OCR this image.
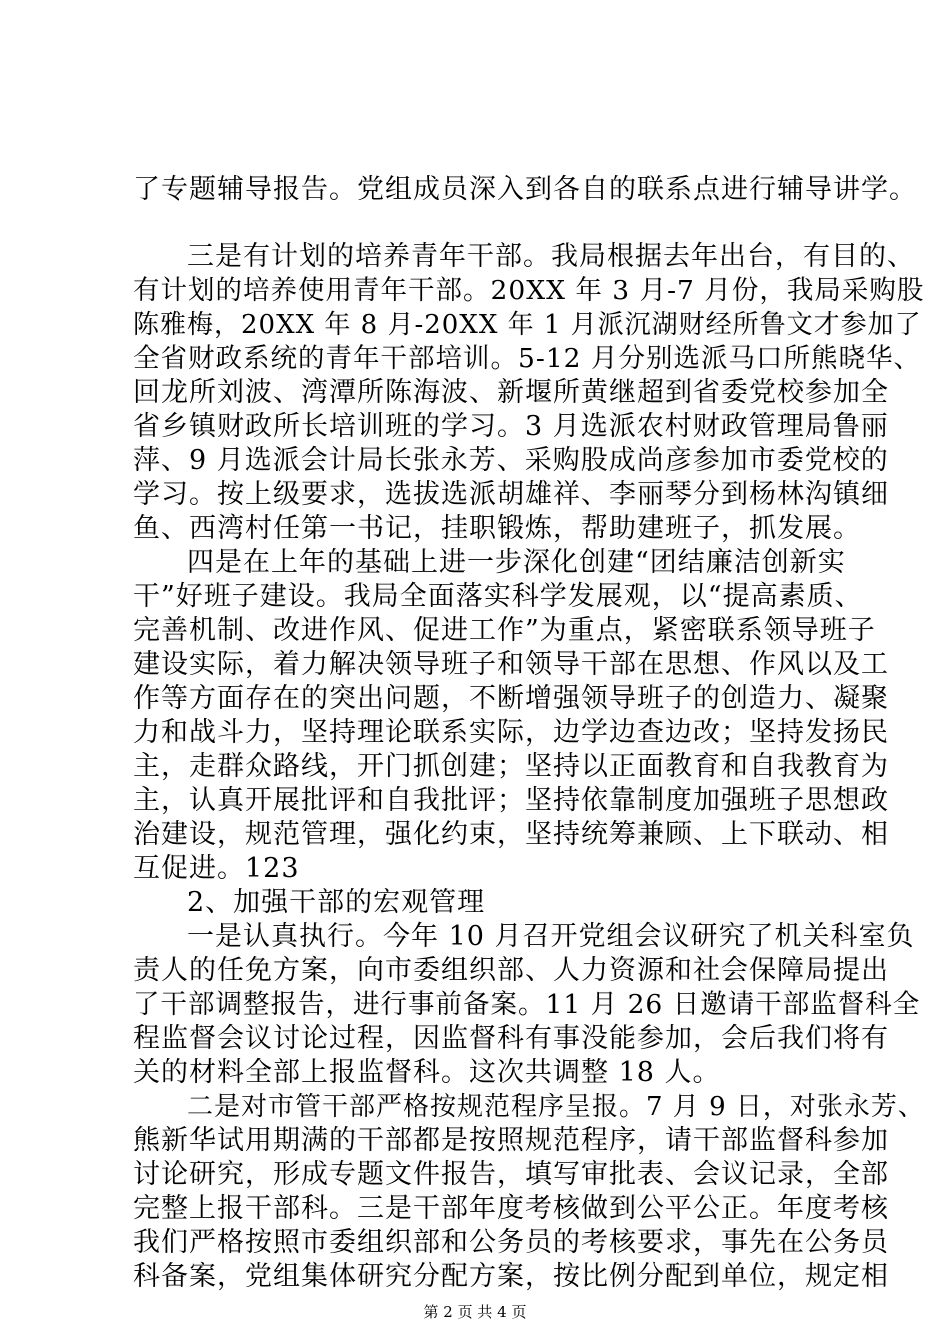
了专题辅导报告。党组成员深入到各自的联系点进行辅导讲学。
三是有计划的培养青年干部。我局根据去年出台，有目的、
有计划的培养使用青年干部。20XX 年 3 月-7 月份，我局采购股
陈雅梅，20XX 年 8 月-20XX 年 1 月派沉湖财经所鲁文才参加了
全省财政系统的青年干部培训。5-12 月分别选派马口所熊晓华、
回龙所刘波、湾潭所陈海波、新堰所黄继超到省委党校参加全
省乡镇财政所长培训班的学习。3 月选派农村财政管理局鲁丽
萍、9 月选派会计局长张永芳、采购股成尚彦参加市委党校的
学习。按上级要求，选拔选派胡雄祥、李丽琴分到杨林沟镇细
鱼、西湾村任第一书记，挂职锻炼，帮助建班子，抓发展。
四是在上年的基础上进一步深化创建“团结廉洁创新实
干”好班子建设。我局全面落实科学发展观，以“提高素质、
完善机制、改进作风、促进工作”为重点，紧密联系领导班子
建设实际，着力解决领导班子和领导干部在思想、作风以及工
作等方面存在的突出问题，不断增强领导班子的创造力、凝聚
力和战斗力，坚持理论联系实际，边学边查边改；坚持发扬民
主，走群众路线，开门抓创建；坚持以正面教育和自我教育为
主，认真开展批评和自我批评；坚持依靠制度加强班子思想政
治建设，规范管理，强化约束，坚持统筹兼顾、上下联动、相
互促进。123
2、加强干部的宏观管理
一是认真执行。今年 10 月召开党组会议研究了机关科室负
责人的任免方案，向市委组织部、人力资源和社会保障局提出
了干部调整报告，进行事前备案。11 月 26 日邀请干部监督科全
程监督会议讨论过程，因监督科有事没能参加，会后我们将有
关的材料全部上报监督科。这次共调整 18 人。
二是对市管干部严格按规范程序呈报。7 月 9 日，对张永芳、
熊新华试用期满的干部都是按照规范程序，请干部监督科参加
讨论研究，形成专题文件报告，填写审批表、会议记录，全部
完整上报干部科。三是干部年度考核做到公平公正。年度考核
我们严格按照市委组织部和公务员的考核要求，事先在公务员
科备案，党组集体研究分配方案，按比例分配到单位，规定相
第 2 页 共 4 页
